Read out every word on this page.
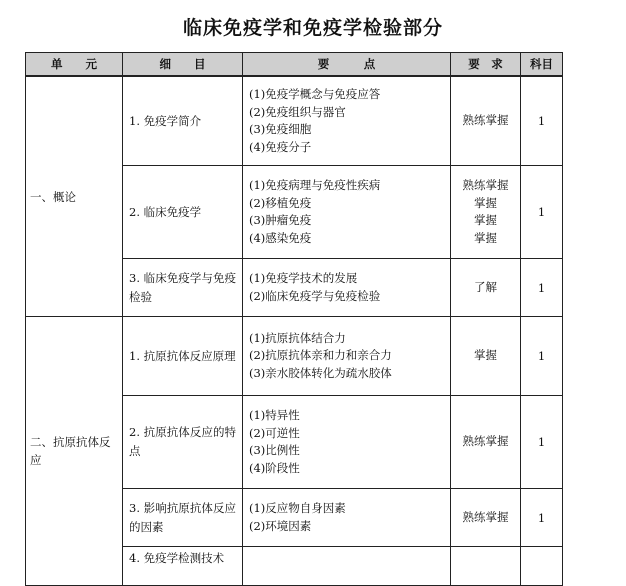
临床免疫学和免疫学检验部分
单　　元	细　　目	要　　　点	要　求	科目
一、概论	1. 免疫学简介	(1)免疫学概念与免疫应答
(2)免疫组织与器官
(3)免疫细胞
(4)免疫分子	熟练掌握	1
	2. 临床免疫学	(1)免疫病理与免疫性疾病
(2)移植免疫
(3)肿瘤免疫
(4)感染免疫	熟练掌握
掌握
掌握
掌握	1
	3. 临床免疫学与免疫检验	(1)免疫学技术的发展
(2)临床免疫学与免疫检验	了解	1
二、抗原抗体反应	1. 抗原抗体反应原理	(1)抗原抗体结合力
(2)抗原抗体亲和力和亲合力
(3)亲水胶体转化为疏水胶体	掌握	1
	2. 抗原抗体反应的特点	(1)特异性
(2)可逆性
(3)比例性
(4)阶段性	熟练掌握	1
	3. 影响抗原抗体反应的因素	(1)反应物自身因素
(2)环境因素	熟练掌握	1
	4. 免疫学检测技术			
